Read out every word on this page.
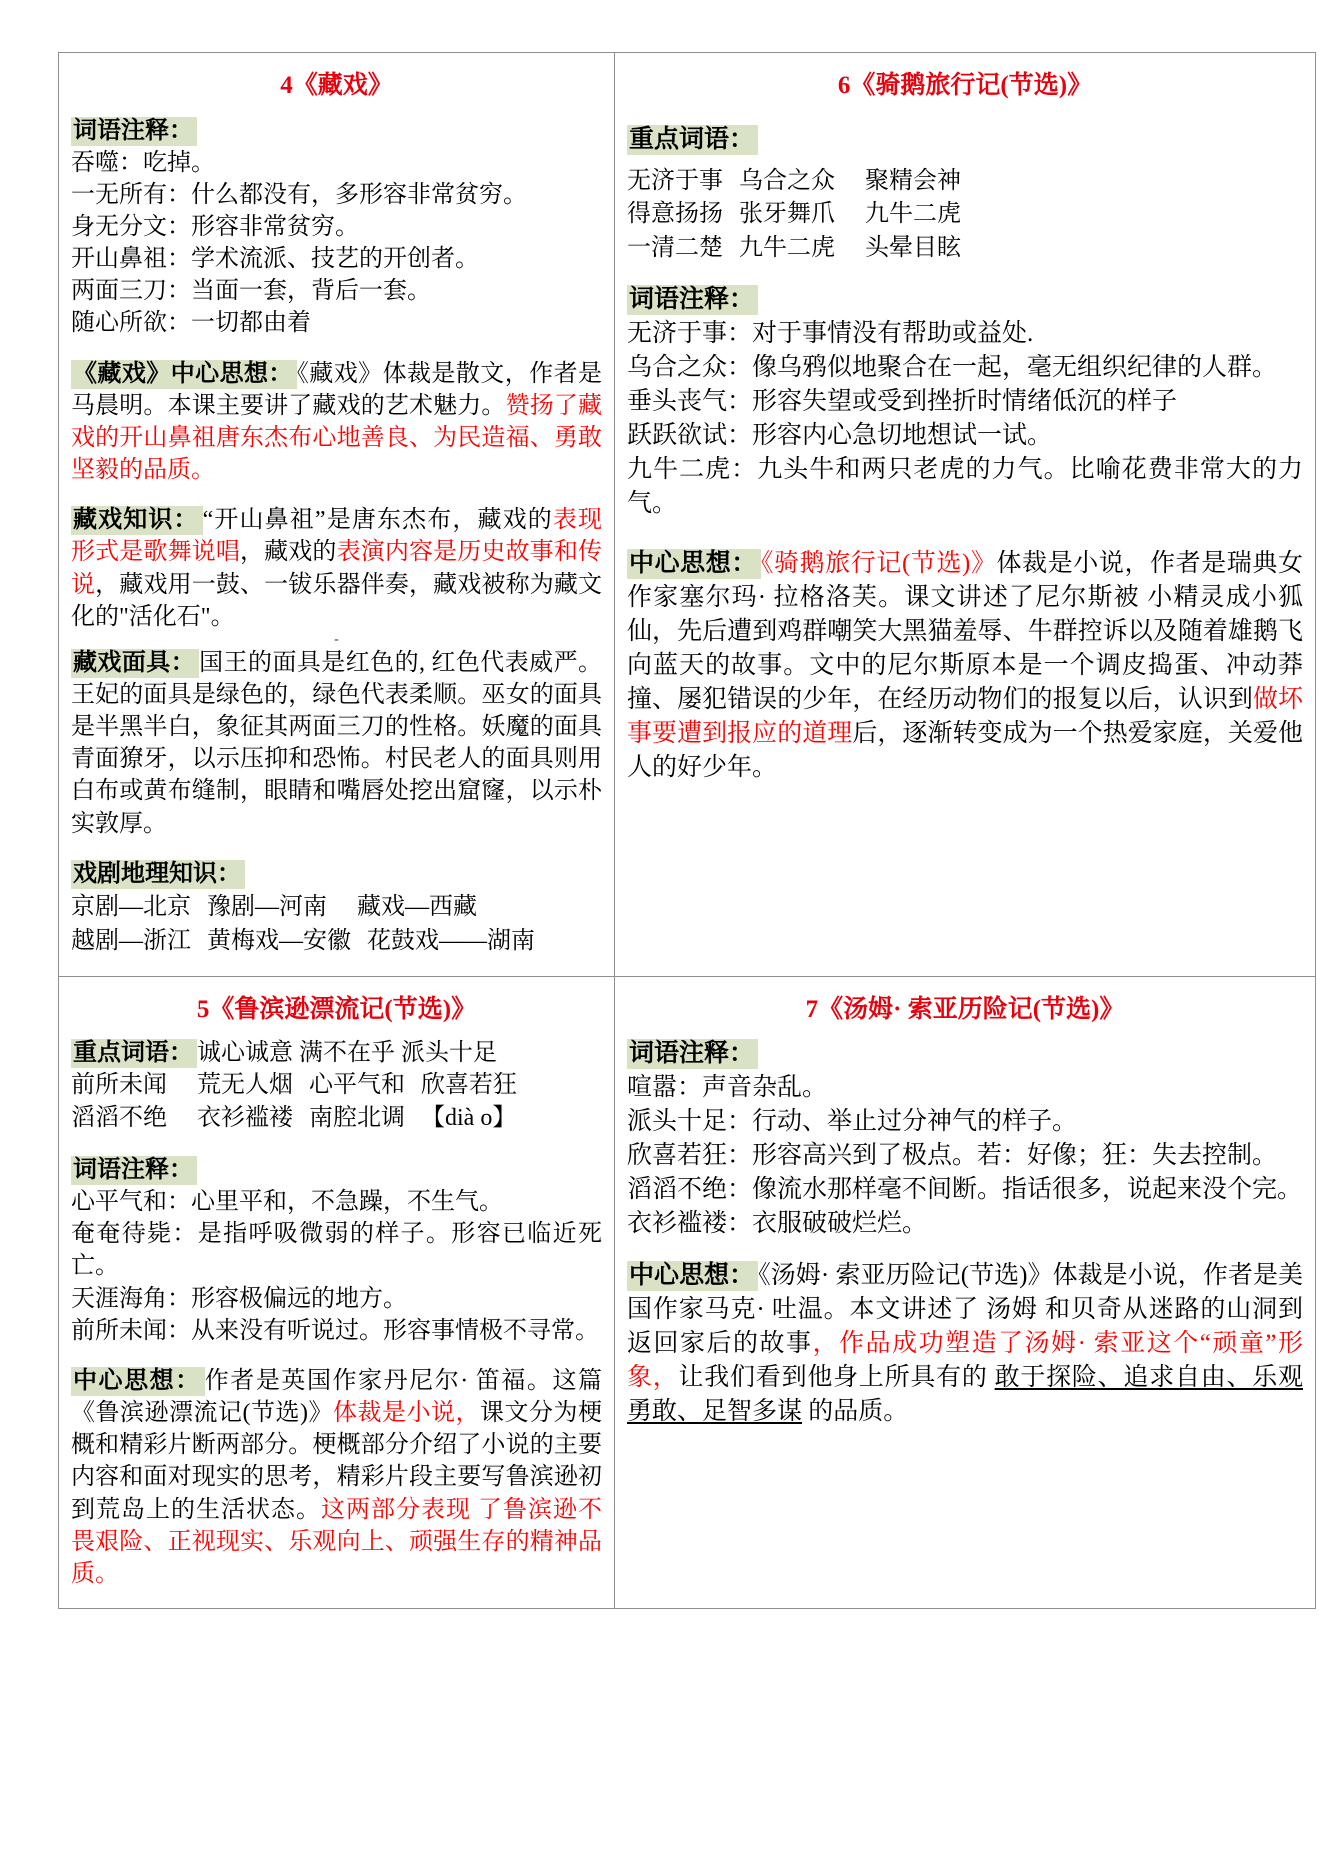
4《藏戏》

词语注释：

吞噬：吃掉。

一无所有：什么都没有，多形容非常贫穷。

身无分文：形容非常贫穷。

开山鼻祖：学术流派、技艺的开创者。

两面三刀：当面一套，背后一套。

随心所欲：一切都由着

《藏戏》中心思想： 《藏戏》体裁是散文，作者是马晨明。本课主要讲了藏戏的艺术魅力。赞扬了藏戏的开山鼻祖唐东杰布心地善良、为民造福、勇敢坚毅的品质。

藏戏知识： “开山鼻祖”是唐东杰布，藏戏的表现形式是歌舞说唱，藏戏的表演内容是历史故事和传说，藏戏用一鼓、一钹乐器伴奏，藏戏被称为藏文化的"活化石"。

-

藏戏面具： 国王的面具是红色的, 红色代表威严。王妃的面具是绿色的，绿色代表柔顺。巫女的面具是半黑半白，象征其两面三刀的性格。妖魔的面具青面獠牙，以示压抑和恐怖。村民老人的面具则用白布或黄布缝制，眼睛和嘴唇处挖出窟窿，以示朴实敦厚。

戏剧地理知识：

京剧—北京 豫剧—河南 藏戏—西藏
越剧—浙江 黄梅戏—安徽 花鼓戏——湖南

6《骑鹅旅行记(节选)》

重点词语：

无济于事 乌合之众 聚精会神
得意扬扬 张牙舞爪 九牛二虎
一清二楚 九牛二虎 头晕目眩

词语注释：

无济于事：对于事情没有帮助或益处.

乌合之众：像乌鸦似地聚合在一起，毫无组织纪律的人群。

垂头丧气：形容失望或受到挫折时情绪低沉的样子

跃跃欲试：形容内心急切地想试一试。

九牛二虎：九头牛和两只老虎的力气。比喻花费非常大的力气。

中心思想： 《骑鹅旅行记(节选)》体裁是小说，作者是瑞典女作家塞尔玛· 拉格洛芙。课文讲述了尼尔斯被 小精灵成小狐仙，先后遭到鸡群嘲笑大黑猫羞辱、牛群控诉以及随着雄鹅飞向蓝天的故事。文中的尼尔斯原本是一个调皮捣蛋、冲动莽撞、屡犯错误的少年，在经历动物们的报复以后，认识到做坏事要遭到报应的道理后，逐渐转变成为一个热爱家庭，关爱他人的好少年。

5《鲁滨逊漂流记(节选)》

重点词语： 诚心诚意 满不在乎 派头十足

前所未闻 荒无人烟 心平气和 欣喜若狂
滔滔不绝 衣衫褴褛 南腔北调 【dià o】

词语注释：

心平气和：心里平和，不急躁，不生气。

奄奄待毙：是指呼吸微弱的样子。形容已临近死亡。

天涯海角：形容极偏远的地方。

前所未闻：从来没有听说过。形容事情极不寻常。

中心思想： 作者是英国作家丹尼尔· 笛福。这篇《鲁滨逊漂流记(节选)》体裁是小说，课文分为梗概和精彩片断两部分。梗概部分介绍了小说的主要内容和面对现实的思考，精彩片段主要写鲁滨逊初到荒岛上的生活状态。这两部分表现 了鲁滨逊不畏艰险、正视现实、乐观向上、顽强生存的精神品质。

7《汤姆· 索亚历险记(节选)》

词语注释：

喧嚣：声音杂乱。

派头十足：行动、举止过分神气的样子。

欣喜若狂：形容高兴到了极点。若：好像；狂：失去控制。

滔滔不绝：像流水那样毫不间断。指话很多，说起来没个完。

衣衫褴褛：衣服破破烂烂。

中心思想： 《汤姆· 索亚历险记(节选)》体裁是小说，作者是美国作家马克· 吐温。本文讲述了 汤姆 和贝奇从迷路的山洞到返回家后的故事，作品成功塑造了汤姆· 索亚这个“顽童”形象，让我们看到他身上所具有的 敢于探险、追求自由、乐观勇敢、足智多谋 的品质。
